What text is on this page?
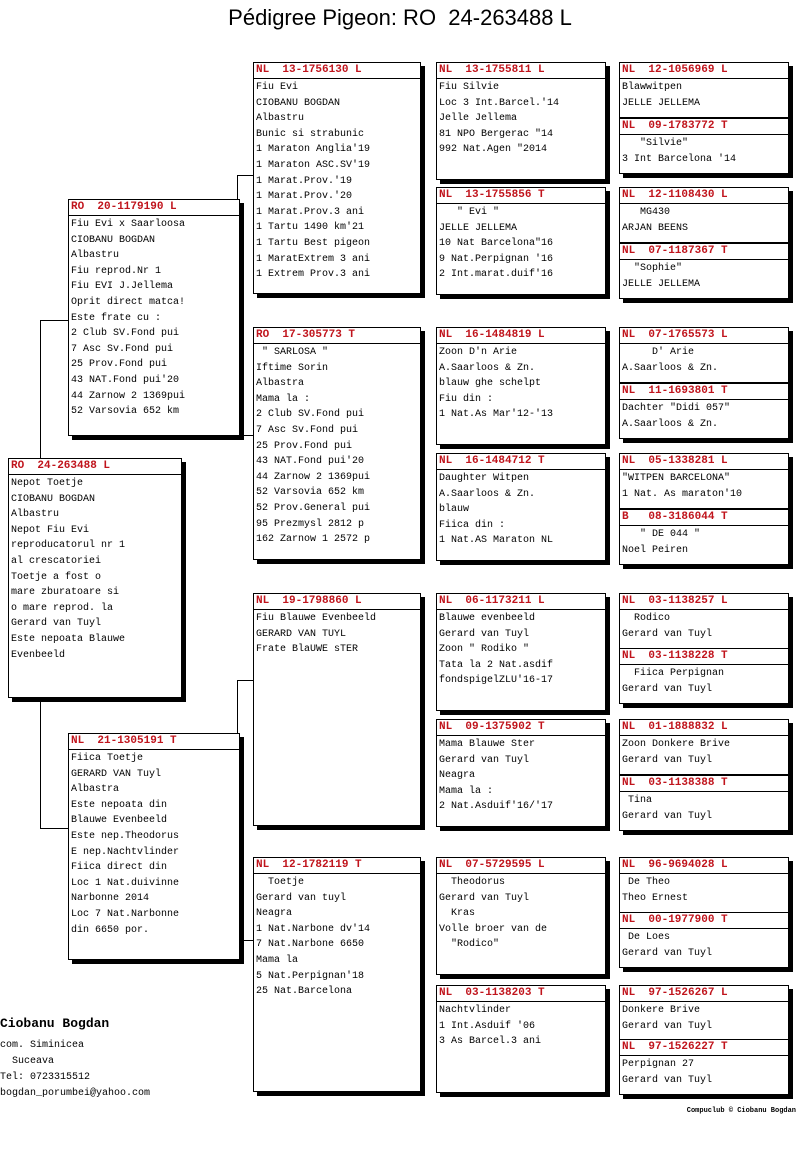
Pédigree Pigeon: RO  24-263488 L
RO  24-263488 L
Nepot Toetje
CIOBANU BOGDAN
Albastru
Nepot Fiu Evi
reproducatorul nr 1
al crescatoriei
Toetje a fost o
mare zburatoare si
o mare reprod. la
Gerard van Tuyl
Este nepoata Blauwe
Evenbeeld
RO  20-1179190 L
Fiu Evi x Saarloosa
CIOBANU BOGDAN
Albastru
Fiu reprod.Nr 1
Fiu EVI J.Jellema
Oprit direct matca!
Este frate cu :
2 Club SV.Fond pui
7 Asc Sv.Fond pui
25 Prov.Fond pui
43 NAT.Fond pui'20
44 Zarnow 2 1369pui
52 Varsovia 652 km
NL  21-1305191 T
Fiica Toetje
GERARD VAN Tuyl
Albastra
Este nepoata din
Blauwe Evenbeeld
Este nep.Theodorus
E nep.Nachtvlinder
Fiica direct din
Loc 1 Nat.duivinne
Narbonne 2014
Loc 7 Nat.Narbonne
din 6650 por.
NL  13-1756130 L
Fiu Evi
CIOBANU BOGDAN
Albastru
Bunic si strabunic
1 Maraton Anglia'19
1 Maraton ASC.SV'19
1 Marat.Prov.'19
1 Marat.Prov.'20
1 Marat.Prov.3 ani
1 Tartu 1490 km'21
1 Tartu Best pigeon
1 MaratExtrem 3 ani
1 Extrem Prov.3 ani
RO  17-305773 T
" SARLOSA "
Iftime Sorin
Albastra
Mama la :
2 Club SV.Fond pui
7 Asc Sv.Fond pui
25 Prov.Fond pui
43 NAT.Fond pui'20
44 Zarnow 2 1369pui
52 Varsovia 652 km
52 Prov.General pui
95 Prezmysl 2812 p
162 Zarnow 1 2572 p
NL  19-1798860 L
Fiu Blauwe Evenbeeld
GERARD VAN TUYL
Frate BlaUWE sTER
NL  12-1782119 T
Toetje
Gerard van tuyl
Neagra
1 Nat.Narbone dv'14
7 Nat.Narbone 6650
Mama la
5 Nat.Perpignan'18
25 Nat.Barcelona
NL  13-1755811 L
Fiu Silvie
Loc 3 Int.Barcel.'14
Jelle Jellema
81 NPO Bergerac "14
992 Nat.Agen "2014
NL  13-1755856 T
" Evi "
JELLE JELLEMA
10 Nat Barcelona"16
9 Nat.Perpignan '16
2 Int.marat.duif'16
NL  16-1484819 L
Zoon D'n Arie
A.Saarloos & Zn.
blauw ghe schelpt
Fiu din :
1 Nat.As Mar'12-'13
NL  16-1484712 T
Daughter Witpen
A.Saarloos & Zn.
blauw
Fiica din :
1 Nat.AS Maraton NL
NL  06-1173211 L
Blauwe evenbeeld
Gerard van Tuyl
Zoon " Rodiko "
Tata la 2 Nat.asdif
fondspigelZLU'16-17
NL  09-1375902 T
Mama Blauwe Ster
Gerard van Tuyl
Neagra
Mama la :
2 Nat.Asduif'16/'17
NL  07-5729595 L
Theodorus
Gerard van Tuyl
Kras
Volle broer van de
"Rodico"
NL  03-1138203 T
Nachtvlinder
1 Int.Asduif '06
3 As Barcel.3 ani
NL  12-1056969 L
Blawwitpen
JELLE JELLEMA
NL  09-1783772 T
"Silvie"
3 Int Barcelona '14
NL  12-1108430 L
MG430
ARJAN BEENS
NL  07-1187367 T
"Sophie"
JELLE JELLEMA
NL  07-1765573 L
D' Arie
A.Saarloos & Zn.
NL  11-1693801 T
Dachter "Didi 057"
A.Saarloos & Zn.
NL  05-1338281 L
"WITPEN BARCELONA"
1 Nat. As maraton'10
B   08-3186044 T
" DE 044 "
Noel Peiren
NL  03-1138257 L
Rodico
Gerard van Tuyl
NL  03-1138228 T
Fiica Perpignan
Gerard van Tuyl
NL  01-1888832 L
Zoon Donkere Brive
Gerard van Tuyl
NL  03-1138388 T
Tina
Gerard van Tuyl
NL  96-9694028 L
De Theo
Theo Ernest
NL  00-1977900 T
De Loes
Gerard van Tuyl
NL  97-1526267 L
Donkere Brive
Gerard van Tuyl
NL  97-1526227 T
Perpignan 27
Gerard van Tuyl
Ciobanu Bogdan
com. Siminicea
Suceava
Tel: 0723315512
bogdan_porumbei@yahoo.com
Compuclub © Ciobanu Bogdan
